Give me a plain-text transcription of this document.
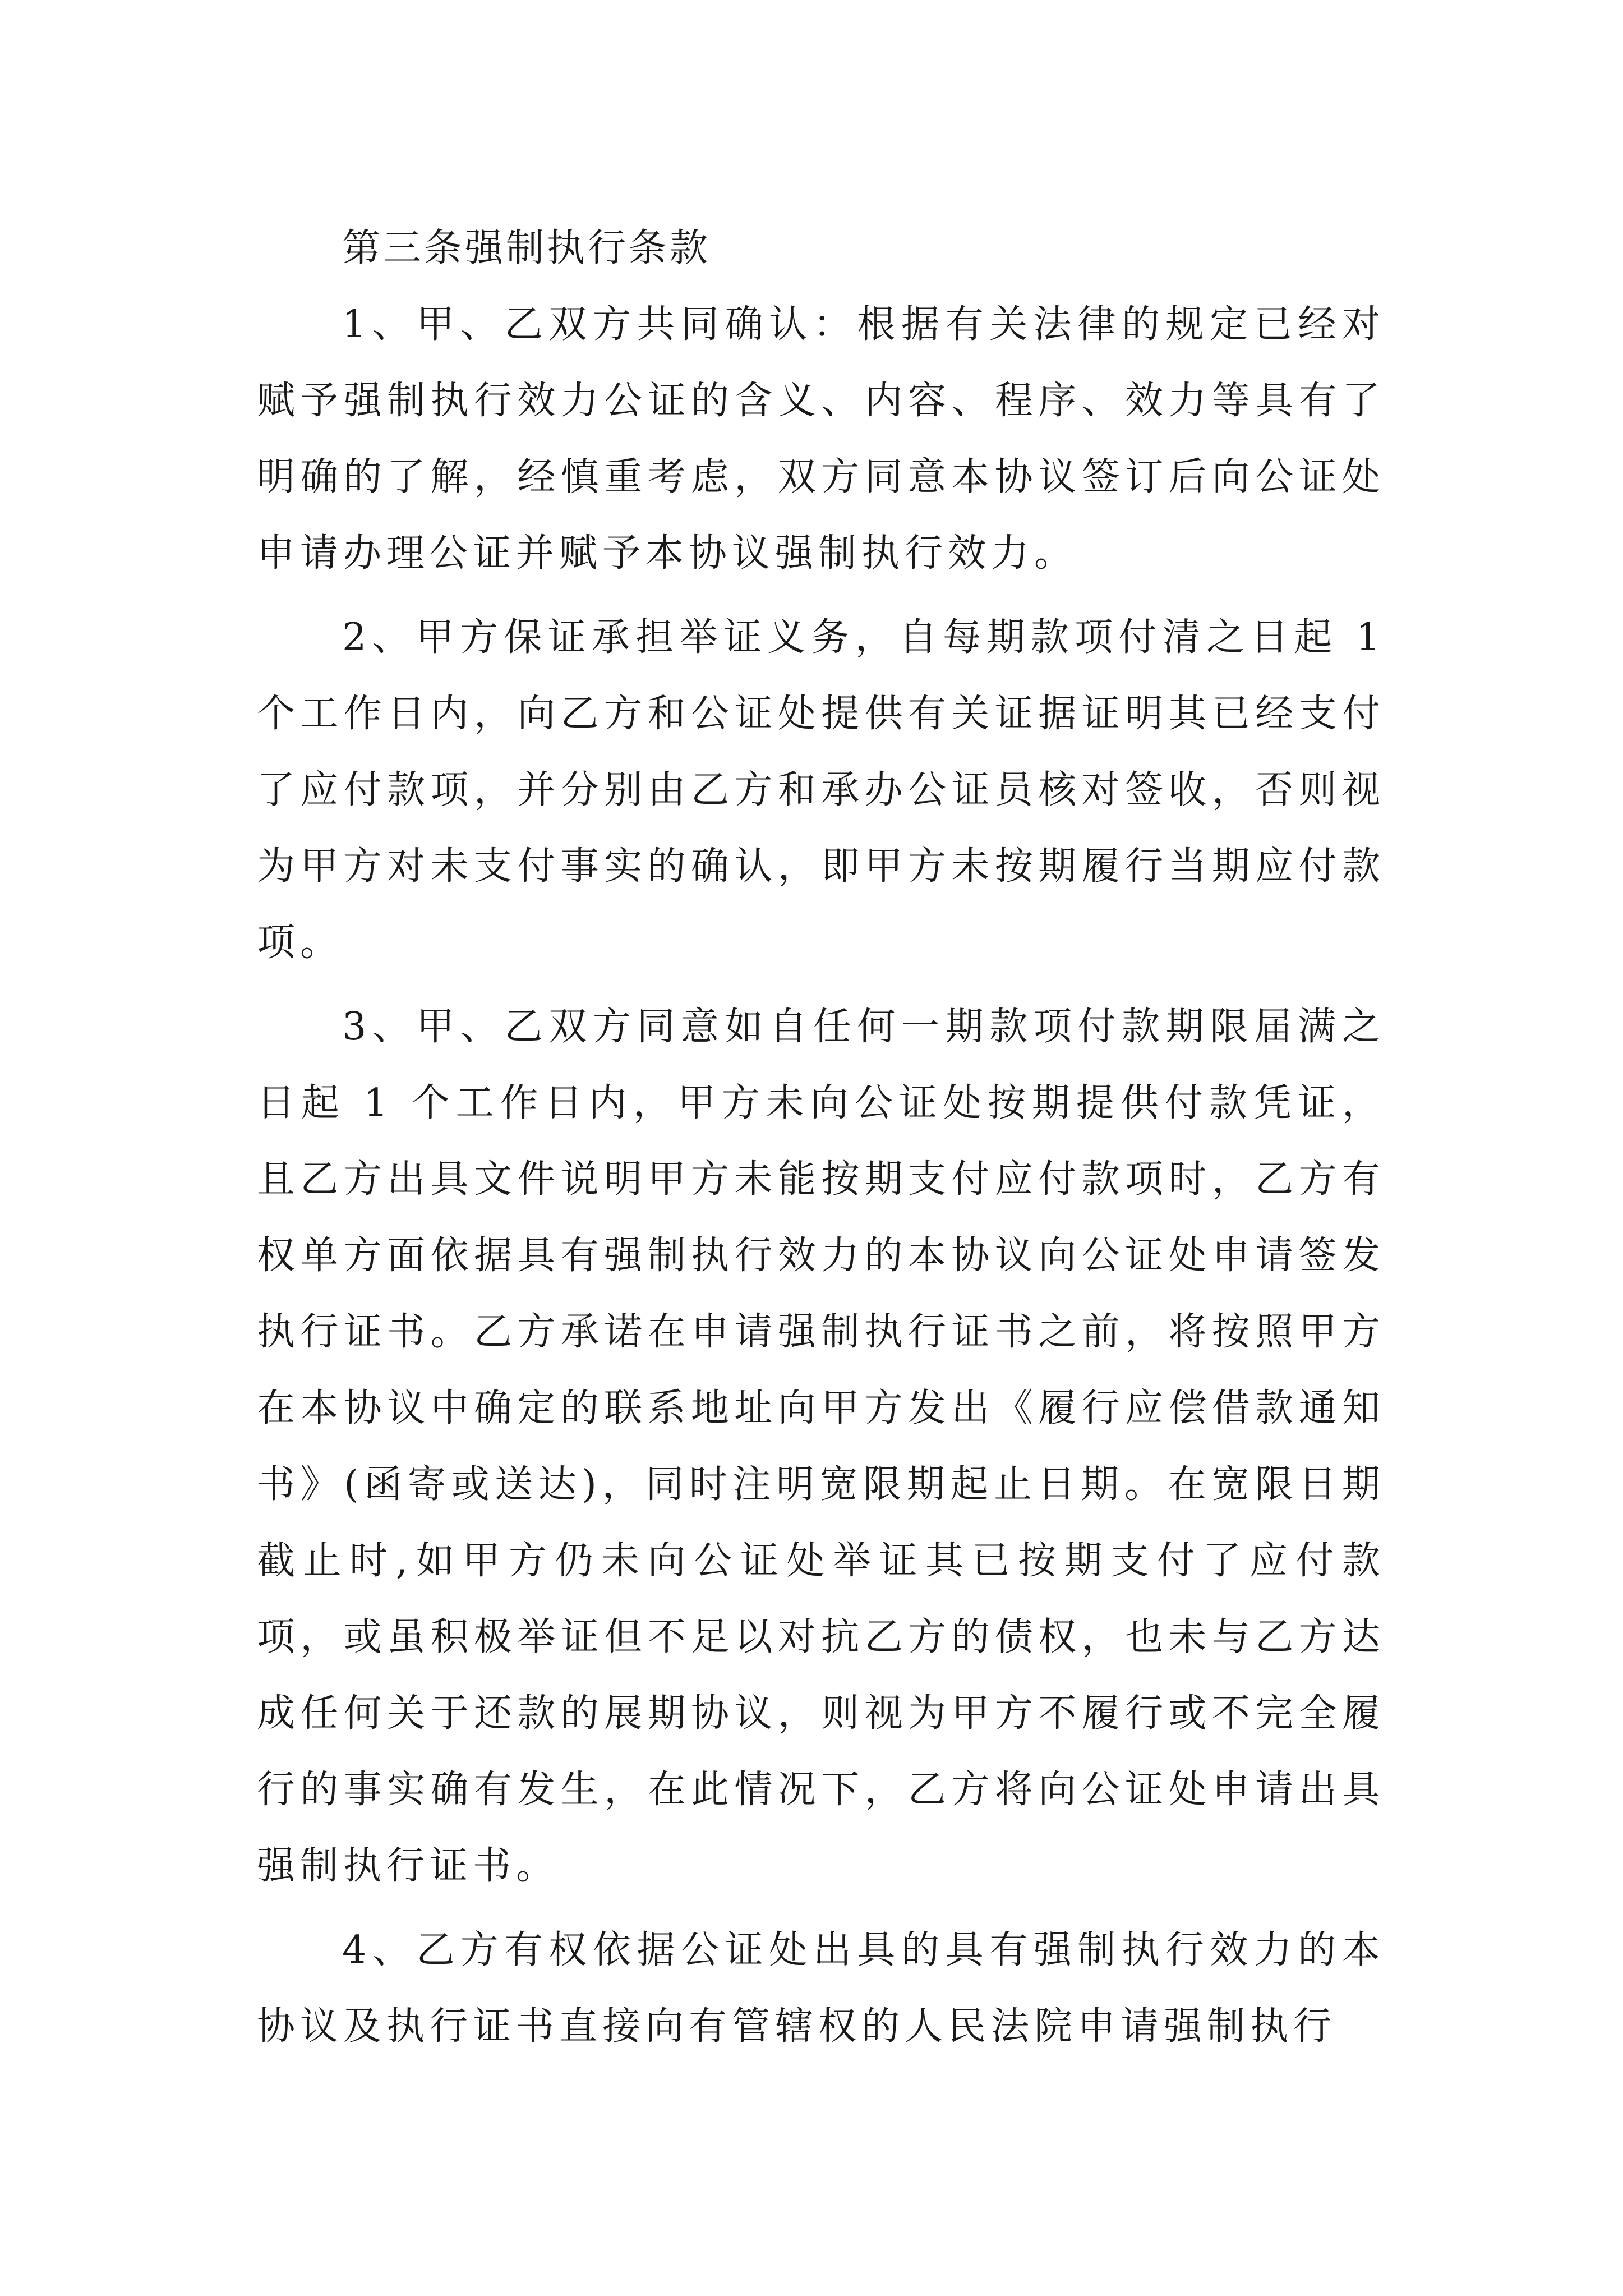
第三条强制执行条款

1、甲、乙双方共同确认：根据有关法律的规定已经对赋予强制执行效力公证的含义、内容、程序、效力等具有了明确的了解，经慎重考虑，双方同意本协议签订后向公证处申请办理公证并赋予本协议强制执行效力。

2、甲方保证承担举证义务，自每期款项付清之日起 1 个工作日内，向乙方和公证处提供有关证据证明其已经支付了应付款项，并分别由乙方和承办公证员核对签收，否则视为甲方对未支付事实的确认，即甲方未按期履行当期应付款项。

3、甲、乙双方同意如自任何一期款项付款期限届满之日起 1 个工作日内，甲方未向公证处按期提供付款凭证，且乙方出具文件说明甲方未能按期支付应付款项时，乙方有权单方面依据具有强制执行效力的本协议向公证处申请签发执行证书。乙方承诺在申请强制执行证书之前，将按照甲方在本协议中确定的联系地址向甲方发出《履行应偿借款通知书》(函寄或送达)，同时注明宽限期起止日期。在宽限日期截止时,如甲方仍未向公证处举证其已按期支付了应付款项，或虽积极举证但不足以对抗乙方的债权，也未与乙方达成任何关于还款的展期协议，则视为甲方不履行或不完全履行的事实确有发生，在此情况下，乙方将向公证处申请出具强制执行证书。

4、乙方有权依据公证处出具的具有强制执行效力的本协议及执行证书直接向有管辖权的人民法院申请强制执行
